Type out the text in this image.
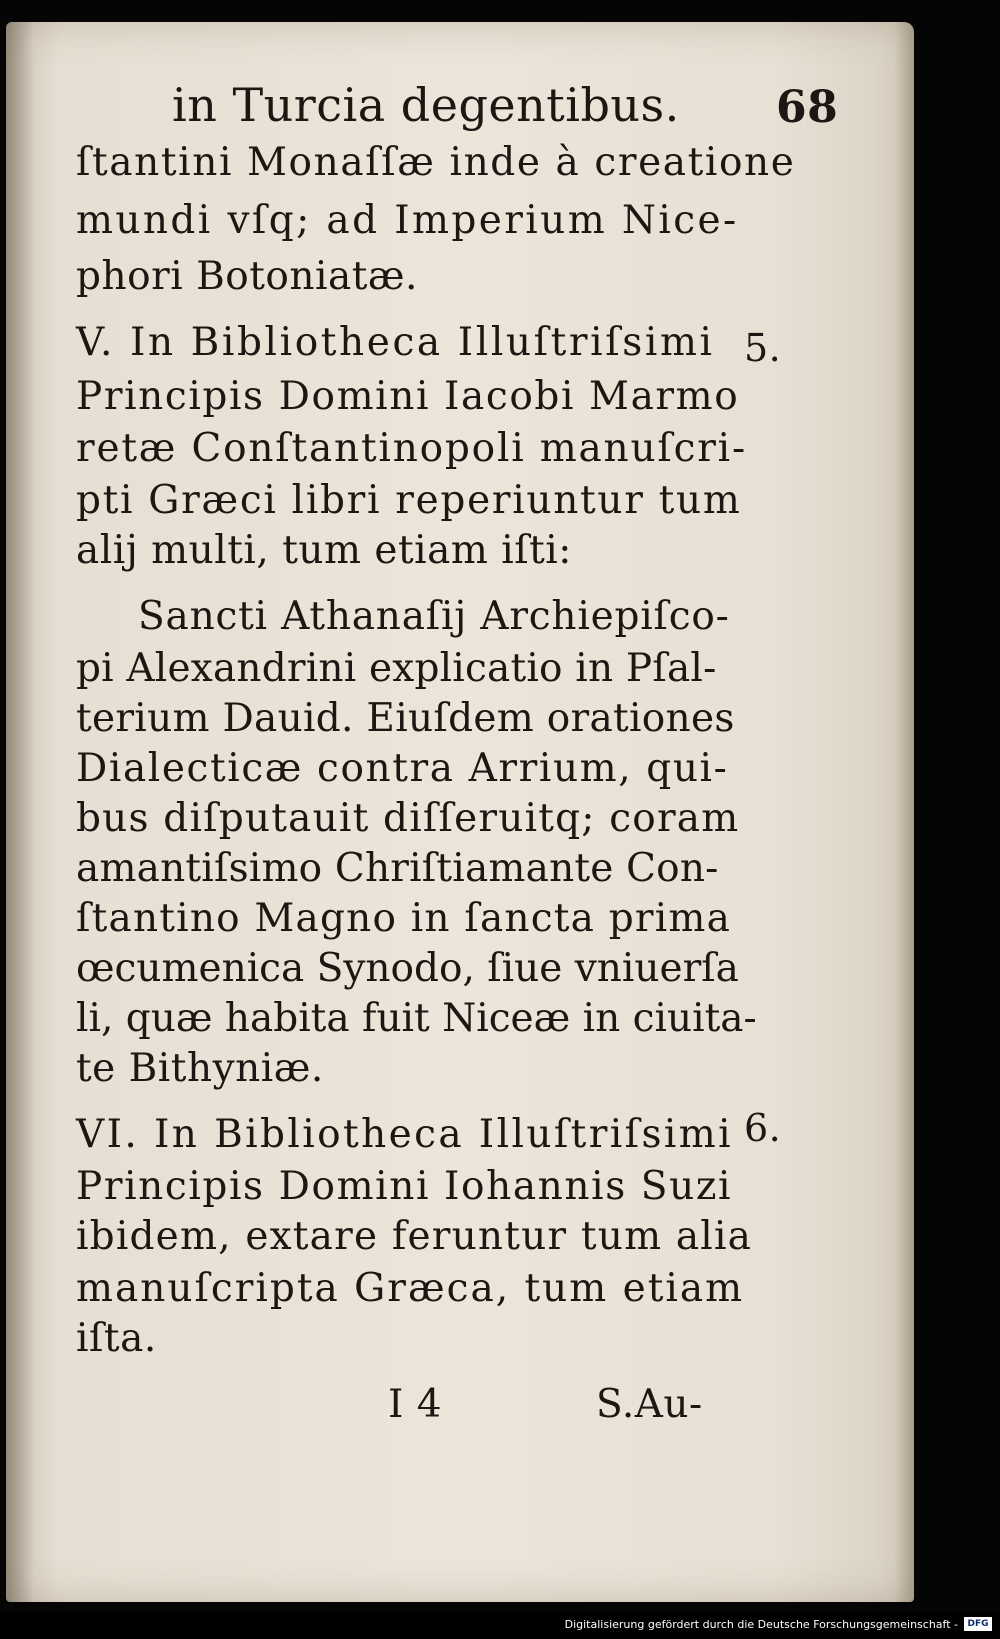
in Turcia degentibus. 68

ſtantini Monaſſæ inde à creatione

mundi vſq; ad Imperium Nice-

phori Botoniatæ.

V. In Bibliotheca Illuſtriſsimi 5.

Principis Domini Iacobi Marmo

retæ Conſtantinopoli manuſcri-

pti Græci libri reperiuntur tum

alij multi, tum etiam iſti:

Sancti Athanaſij Archiepiſco-

pi Alexandrini explicatio in Pſal-

terium Dauid. Eiuſdem orationes

Dialecticæ contra Arrium, qui-

bus diſputauit diſſeruitq; coram

amantiſsimo Chriſtiamante Con-

ſtantino Magno in ſancta prima

œcumenica Synodo, ſiue vniuerſa

li, quæ habita fuit Niceæ in ciuita-

te Bithyniæ.

VI. In Bibliotheca Illuſtriſsimi 6.

Principis Domini Iohannis Suzi

ibidem, extare feruntur tum alia

manuſcripta Græca, tum etiam

iſta.

I 4	S.Au-

Digitalisierung gefördert durch die Deutsche Forschungsgemeinschaft -	DFG
